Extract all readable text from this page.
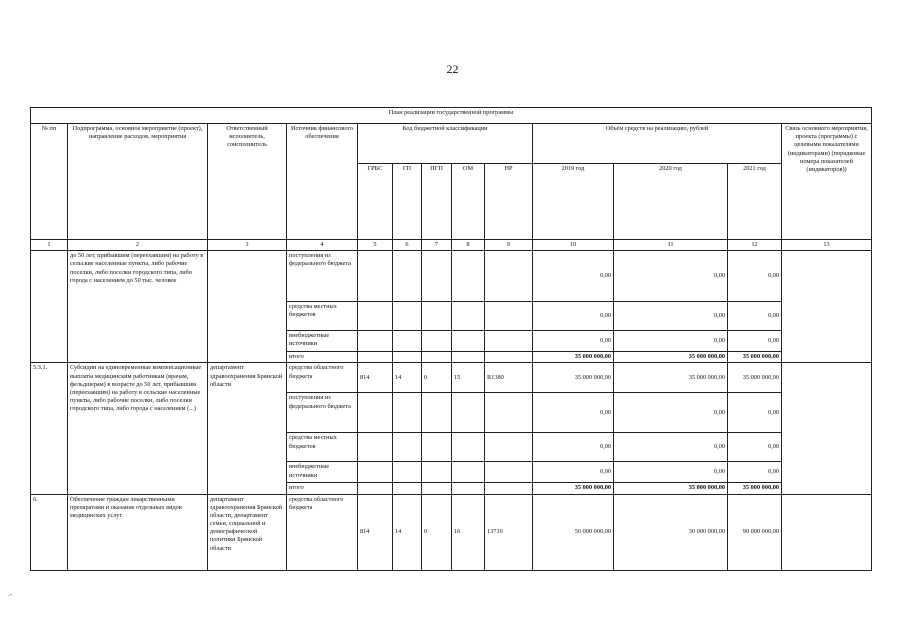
22
План реализации государственной программы												
№ пп	Подпрограмма, основное мероприятие (проект), направление расходов, мероприятия	Ответственный исполнитель, соисполнитель	Источник финансового обеспечения	Код бюджетной классификации					Объём средств на реализацию, рублей			Связь основного мероприятия, проекта (программы) с целевыми показателями (индикаторами) (порядковые номера показателей (индикаторов))
				ГРБС	ГП	ПГП	ОМ	НР	2019 год	2020 год	2021 год	
1	2	3	4	5	6	7	8	9	10	11	12	13
	до 50 лет, прибывшим (переехавшим) на работу в сельские населенные пункты, либо рабочие поселки, либо поселки городского типа, либо города с населением до 50 тыс. человек		поступления из федерального бюджета						0,00	0,00	0,00	
			средства местных бюджетов						0,00	0,00	0,00	
			внебюджетные источники						0,00	0,00	0,00	
			итого						35 000 000,00	35 000 000,00	35 000 000,00	
5.3.1.	Субсидии на единовременные компенсационные выплаты медицинским работникам (врачам, фельдшерам) в возрасте до 50 лет, прибывшим (переехавшим) на работу в сельские населенные пункты, либо рабочие поселки, либо поселки городского типа, либо города с населением (...)	департамент здравоохранения Брянской области	средства областного бюджета	814	14	0	15	R1380	35 000 000,00	35 000 000,00	35 000 000,00	
			поступления из федерального бюджета						0,00	0,00	0,00	
			средства местных бюджетов						0,00	0,00	0,00	
			внебюджетные источники						0,00	0,00	0,00	
			итого						35 000 000,00	35 000 000,00	35 000 000,00	
6.	Обеспечение граждан лекарственными препаратами и оказание отдельных видов медицинских услуг	департамент здравоохранения Брянской области, департамент семьи, социальной и демографической политики Брянской области	средства областного бюджета	814	14	0	16	13710	50 000 000,00	30 000 000,00	90 000 000,00	
.-
